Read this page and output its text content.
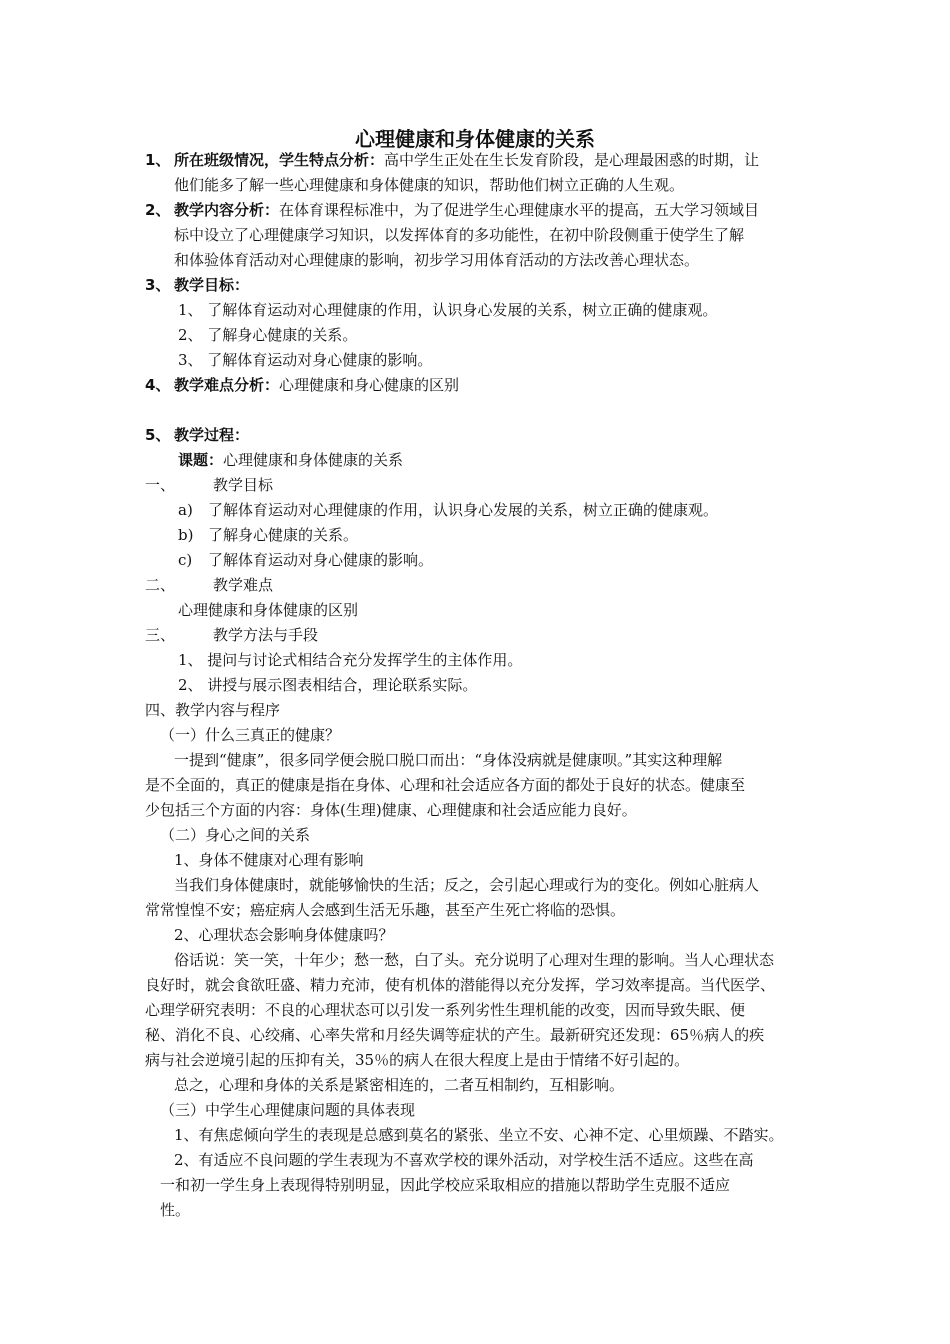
心理健康和身体健康的关系
1、 所在班级情况，学生特点分析：高中学生正处在生长发育阶段，是心理最困惑的时期，让
他们能多了解一些心理健康和身体健康的知识，帮助他们树立正确的人生观。
2、 教学内容分析：在体育课程标准中，为了促进学生心理健康水平的提高，五大学习领域目
标中设立了心理健康学习知识，以发挥体育的多功能性，在初中阶段侧重于使学生了解
和体验体育活动对心理健康的影响，初步学习用体育活动的方法改善心理状态。
3、 教学目标：
1、 了解体育运动对心理健康的作用，认识身心发展的关系，树立正确的健康观。
2、 了解身心健康的关系。
3、 了解体育运动对身心健康的影响。
4、 教学难点分析：心理健康和身心健康的区别
5、 教学过程：
课题：心理健康和身体健康的关系
一、	教学目标
a) 了解体育运动对心理健康的作用，认识身心发展的关系，树立正确的健康观。
b) 了解身心健康的关系。
c) 了解体育运动对身心健康的影响。
二、	教学难点
心理健康和身体健康的区别
三、	教学方法与手段
1、 提问与讨论式相结合充分发挥学生的主体作用。
2、 讲授与展示图表相结合，理论联系实际。
四、教学内容与程序
（一）什么三真正的健康？
一提到“健康”，很多同学便会脱口脱口而出：“身体没病就是健康呗。”其实这种理解
是不全面的，真正的健康是指在身体、心理和社会适应各方面的都处于良好的状态。健康至
少包括三个方面的内容：身体(生理)健康、心理健康和社会适应能力良好。
（二）身心之间的关系
1、身体不健康对心理有影响
当我们身体健康时，就能够愉快的生活；反之，会引起心理或行为的变化。例如心脏病人
常常惶惶不安；癌症病人会感到生活无乐趣，甚至产生死亡将临的恐惧。
2、心理状态会影响身体健康吗？
俗话说：笑一笑，十年少；愁一愁，白了头。充分说明了心理对生理的影响。当人心理状态
良好时，就会食欲旺盛、精力充沛，使有机体的潜能得以充分发挥，学习效率提高。当代医学、
心理学研究表明：不良的心理状态可以引发一系列劣性生理机能的改变，因而导致失眠、便
秘、消化不良、心绞痛、心率失常和月经失调等症状的产生。最新研究还发现：65％病人的疾
病与社会逆境引起的压抑有关，35％的病人在很大程度上是由于情绪不好引起的。
总之，心理和身体的关系是紧密相连的，二者互相制约，互相影响。
（三）中学生心理健康问题的具体表现
1、有焦虑倾向学生的表现是总感到莫名的紧张、坐立不安、心神不定、心里烦躁、不踏实。
2、有适应不良问题的学生表现为不喜欢学校的课外活动，对学校生活不适应。这些在高
一和初一学生身上表现得特别明显，因此学校应采取相应的措施以帮助学生克服不适应
性。
